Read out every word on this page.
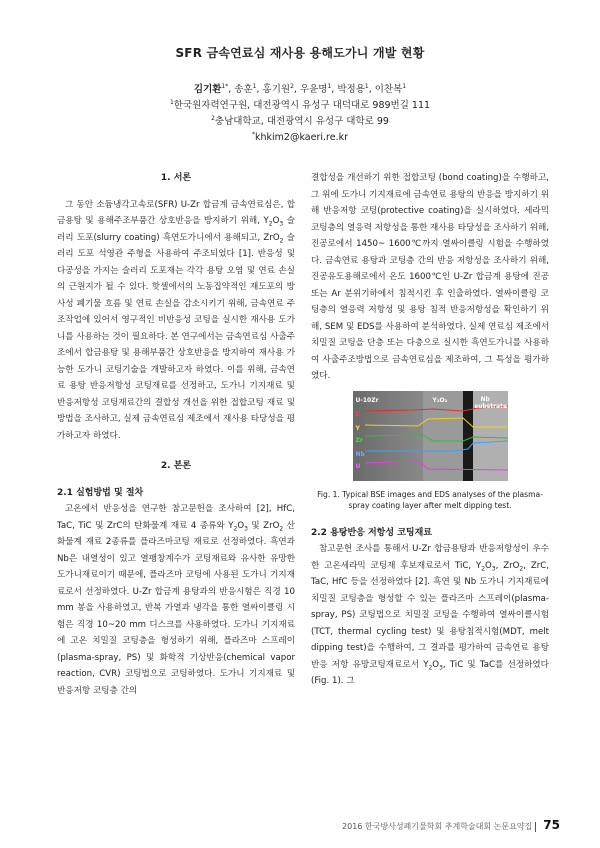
SFR 금속연료심 재사용 용해도가니 개발 현황
김기환$^{1*}$, 송훈$^1$, 홍기원$^2$, 우윤명$^1$, 박정용$^1$, 이찬복$^1$
$^1$한국원자력연구원, 대전광역시 유성구 대덕대로 989번길 111
$^2$충남대학교, 대전광역시 유성구 대학로 99
*khkim2@kaeri.re.kr
1. 서론

그 동안 소듐냉각고속로(SFR) U-Zr 합금계 금속연료심은, 합금용탕 및 용해주조부품간 상호반응을 방지하기 위해, $Y_2O_3$ 슬러리 도포(slurry coating) 흑연도가니에서 용해되고, ZrO$_2$ 슬러리 도포 석영관 주형을 사용하여 주조되었다 [1]. 반응성 및 다공성을 가지는 슬러리 도포재는 각각 용탕 오염 및 연료 손실의 근원지가 될 수 있다. 핫셀에서의 노동집약적인 재도포의 방사성 폐기물 흐름 및 연료 손실을 감소시키기 위해, 금속연료 주조작업에 있어서 영구적인 비반응성 코팅을 실시한 재사용 도가니를 사용하는 것이 필요하다. 본 연구에서는 금속연료심 사출주조에서 합금용탕 및 용해부품간 상호반응을 방지하여 재사용 가능한 도가니 코팅기술을 개발하고자 하였다. 이를 위해, 금속연료 용탕 반응저항성 코팅재료를 선정하고, 도가니 기지재료 및 반응저항성 코팅재료간의 결합성 개선을 위한 접합코팅 재료 및 방법을 조사하고, 실제 금속연료심 제조에서 재사용 타당성을 평가하고자 하였다.

2. 본론
2.1 실험방법 및 절차

고온에서 반응성을 연구한 참고문헌을 조사하여 [2], HfC, TaC, TiC 및 ZrC의 탄화물계 재료 4 종류와 $Y_2O_3$ 및 ZrO$_2$ 산화물계 재료 2종류를 플라즈마코팅 재료로 선정하였다. 흑연과 Nb은 내열성이 있고 열팽창계수가 코팅재료와 유사한 유망한 도가니재료이기 때문에, 플라즈마 코팅에 사용된 도가니 기지재료로서 선정하였다. U-Zr 합금계 용탕과의 반응시험은 직경 10 mm 봉을 사용하였고, 반복 가열과 냉각을 통한 열싸이클링 시험은 직경 10~20 mm 디스크를 사용하였다. 도가니 기지재료에 고온 치밀질 코팅층을 형성하기 위해, 플라즈마 스프레이(plasma-spray, PS) 및 화학적 기상반응(chemical vapor reaction, CVR) 코팅법으로 코팅하였다. 도가니 기지재료 및 반응저항 코팅층 간의

결합성을 개선하기 위한 접합코팅 (bond coating)을 수행하고, 그 위에 도가니 기지재료에 금속연료 용탕의 반응을 방지하기 위해 반응저항 코팅(protective coating)을 실시하였다. 세라믹 코팅층의 열응력 저항성을 통한 재사용 타당성을 조사하기 위해, 진공로에서 1450~ 1600℃까지 열싸이클링 시험을 수행하였다. 금속연료 용탕과 코팅층 간의 반응 저항성을 조사하기 위해, 진공유도용해로에서 온도 1600℃인 U-Zr 합금계 용탕에 진공 또는 Ar 분위기하에서 침적시킨 후 인출하였다. 열싸이클링 코팅층의 열응력 저항성 및 용탕 침적 반응저항성을 확인하기 위해, SEM 및 EDS를 사용하여 분석하였다. 실제 연료심 제조에서 치밀질 코팅을 단층 또는 다층으로 실시한 흑연도가니를 사용하여 사출주조방법으로 금속연료심을 제조하여, 그 특성을 평가하였다.

U-10Zr	Y₂O₃	Nb
substrate
C
Y
Zr
Nb
U
Fig. 1. Typical BSE images and EDS analyses of the plasma-spray coating layer after melt dipping test.
2.2 용탕반응 저항성 코팅재료

참고문헌 조사를 통해서 U-Zr 합금용탕과 반응저항성이 우수한 고온세라믹 코팅재 후보재료로서 TiC, $Y_2O_3$, ZrO$_2$, ZrC, TaC, HfC 등을 선정하였다 [2]. 흑연 및 Nb 도가니 기지재료에 치밀질 코팅층을 형성할 수 있는 플라즈마 스프레이(plasma-spray, PS) 코팅법으로 치밀질 코팅을 수행하여 열싸이클시험(TCT, thermal cycling test) 및 용탕침적시험(MDT, melt dipping test)을 수행하여, 그 결과를 평가하여 금속연료 용탕반응 저항 유망코팅재료로서 $Y_2O_3$, TiC 및 TaC를 선정하였다 (Fig. 1). 그

2016 한국방사성폐기물학회 추계학술대회 논문요약집 75
